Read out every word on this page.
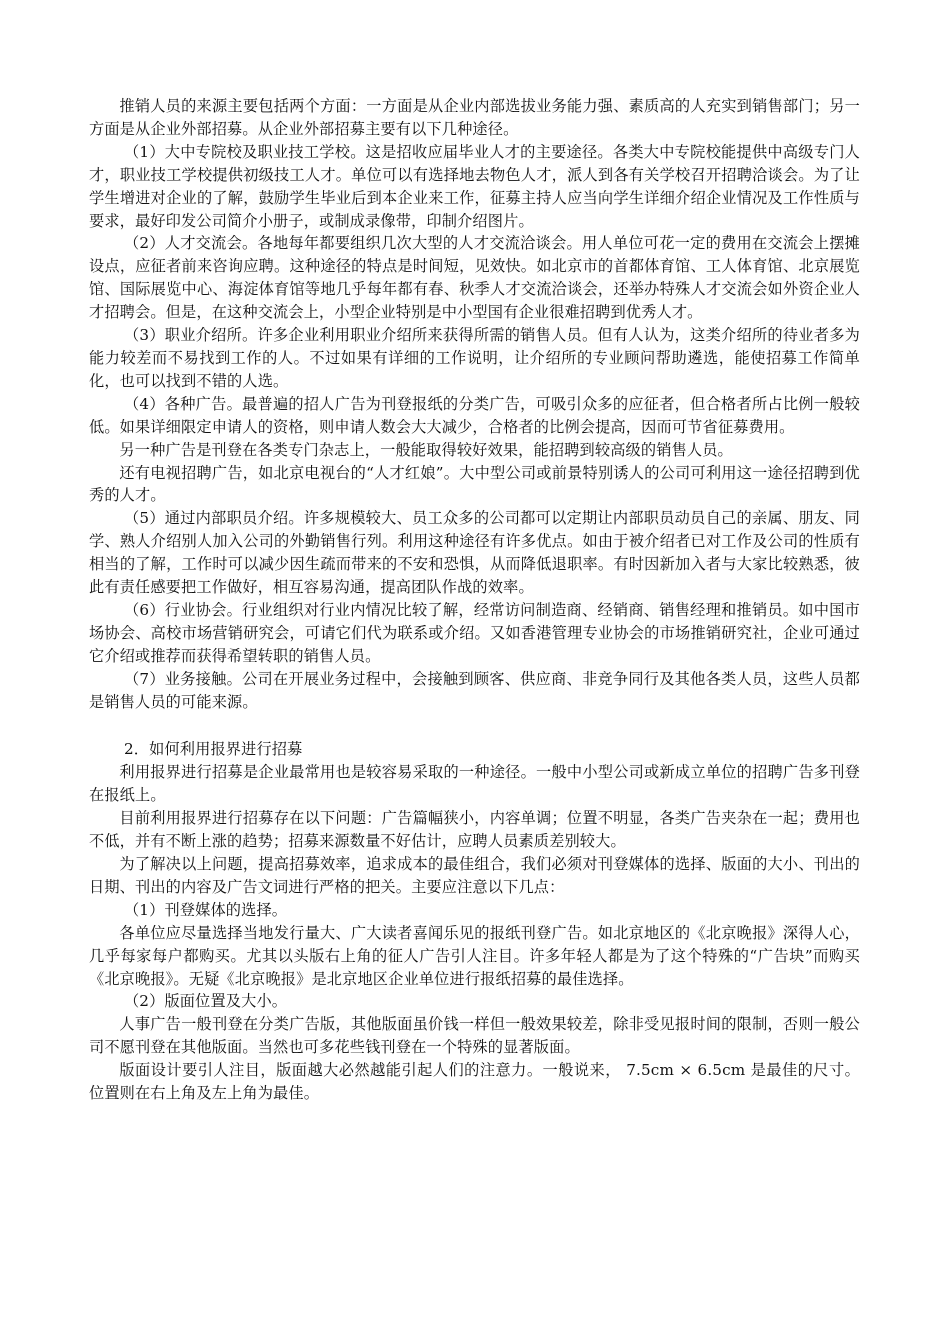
推销人员的来源主要包括两个方面：一方面是从企业内部选拔业务能力强、素质高的人充实到销售部门；另一方面是从企业外部招募。从企业外部招募主要有以下几种途径。

（1）大中专院校及职业技工学校。这是招收应届毕业人才的主要途径。各类大中专院校能提供中高级专门人才，职业技工学校提供初级技工人才。单位可以有选择地去物色人才，派人到各有关学校召开招聘洽谈会。为了让学生增进对企业的了解，鼓励学生毕业后到本企业来工作，征募主持人应当向学生详细介绍企业情况及工作性质与要求，最好印发公司简介小册子，或制成录像带，印制介绍图片。

（2）人才交流会。各地每年都要组织几次大型的人才交流洽谈会。用人单位可花一定的费用在交流会上摆摊设点，应征者前来咨询应聘。这种途径的特点是时间短，见效快。如北京市的首都体育馆、工人体育馆、北京展览馆、国际展览中心、海淀体育馆等地几乎每年都有春、秋季人才交流洽谈会，还举办特殊人才交流会如外资企业人才招聘会。但是，在这种交流会上，小型企业特别是中小型国有企业很难招聘到优秀人才。

（3）职业介绍所。许多企业利用职业介绍所来获得所需的销售人员。但有人认为，这类介绍所的待业者多为能力较差而不易找到工作的人。不过如果有详细的工作说明，让介绍所的专业顾问帮助遴选，能使招募工作简单化，也可以找到不错的人选。

（4）各种广告。最普遍的招人广告为刊登报纸的分类广告，可吸引众多的应征者，但合格者所占比例一般较低。如果详细限定申请人的资格，则申请人数会大大减少，合格者的比例会提高，因而可节省征募费用。

另一种广告是刊登在各类专门杂志上，一般能取得较好效果，能招聘到较高级的销售人员。

还有电视招聘广告，如北京电视台的“人才红娘”。大中型公司或前景特别诱人的公司可利用这一途径招聘到优秀的人才。

（5）通过内部职员介绍。许多规模较大、员工众多的公司都可以定期让内部职员动员自己的亲属、朋友、同学、熟人介绍别人加入公司的外勤销售行列。利用这种途径有许多优点。如由于被介绍者已对工作及公司的性质有相当的了解，工作时可以减少因生疏而带来的不安和恐惧，从而降低退职率。有时因新加入者与大家比较熟悉，彼此有责任感要把工作做好，相互容易沟通，提高团队作战的效率。

（6）行业协会。行业组织对行业内情况比较了解，经常访问制造商、经销商、销售经理和推销员。如中国市场协会、高校市场营销研究会，可请它们代为联系或介绍。又如香港管理专业协会的市场推销研究社，企业可通过它介绍或推荐而获得希望转职的销售人员。

（7）业务接触。公司在开展业务过程中，会接触到顾客、供应商、非竞争同行及其他各类人员，这些人员都是销售人员的可能来源。

2．如何利用报界进行招募

利用报界进行招募是企业最常用也是较容易采取的一种途径。一般中小型公司或新成立单位的招聘广告多刊登在报纸上。

目前利用报界进行招募存在以下问题：广告篇幅狭小，内容单调；位置不明显，各类广告夹杂在一起；费用也不低，并有不断上涨的趋势；招募来源数量不好估计，应聘人员素质差别较大。

为了解决以上问题，提高招募效率，追求成本的最佳组合，我们必须对刊登媒体的选择、版面的大小、刊出的日期、刊出的内容及广告文词进行严格的把关。主要应注意以下几点：

（1）刊登媒体的选择。

各单位应尽量选择当地发行量大、广大读者喜闻乐见的报纸刊登广告。如北京地区的《北京晚报》深得人心，几乎每家每户都购买。尤其以头版右上角的征人广告引人注目。许多年轻人都是为了这个特殊的“广告块”而购买《北京晚报》。无疑《北京晚报》是北京地区企业单位进行报纸招募的最佳选择。

（2）版面位置及大小。

人事广告一般刊登在分类广告版，其他版面虽价钱一样但一般效果较差，除非受见报时间的限制，否则一般公司不愿刊登在其他版面。当然也可多花些钱刊登在一个特殊的显著版面。

版面设计要引人注目，版面越大必然越能引起人们的注意力。一般说来， 7.5cm × 6.5cm 是最佳的尺寸。位置则在右上角及左上角为最佳。
